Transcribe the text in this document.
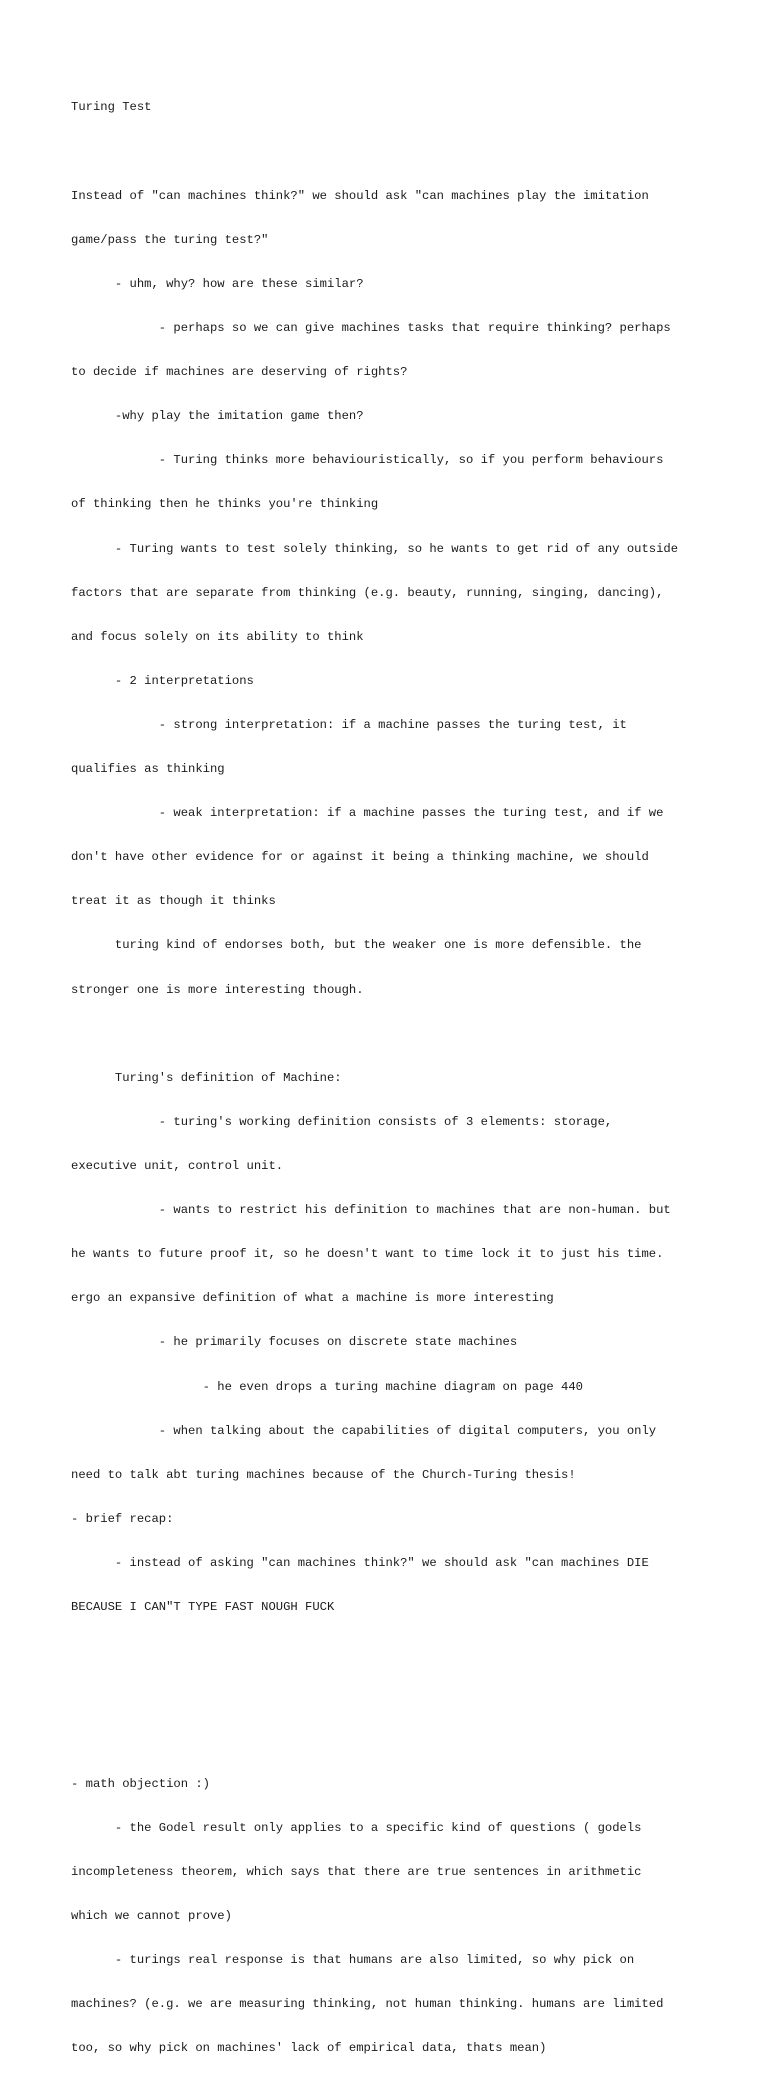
Turing Test

Instead of "can machines think?" we should ask "can machines play the imitation

game/pass the turing test?"

- uhm, why? how are these similar?

- perhaps so we can give machines tasks that require thinking? perhaps

to decide if machines are deserving of rights?

-why play the imitation game then?

- Turing thinks more behaviouristically, so if you perform behaviours

of thinking then he thinks you're thinking

- Turing wants to test solely thinking, so he wants to get rid of any outside

factors that are separate from thinking (e.g. beauty, running, singing, dancing),

and focus solely on its ability to think

- 2 interpretations

- strong interpretation: if a machine passes the turing test, it

qualifies as thinking

- weak interpretation: if a machine passes the turing test, and if we

don't have other evidence for or against it being a thinking machine, we should

treat it as though it thinks

turing kind of endorses both, but the weaker one is more defensible. the

stronger one is more interesting though.

Turing's definition of Machine:

- turing's working definition consists of 3 elements: storage,

executive unit, control unit.

- wants to restrict his definition to machines that are non-human. but

he wants to future proof it, so he doesn't want to time lock it to just his time.

ergo an expansive definition of what a machine is more interesting

- he primarily focuses on discrete state machines

- he even drops a turing machine diagram on page 440

- when talking about the capabilities of digital computers, you only

need to talk abt turing machines because of the Church-Turing thesis!

- brief recap:

- instead of asking "can machines think?" we should ask "can machines DIE

BECAUSE I CAN"T TYPE FAST NOUGH FUCK

- math objection :)

- the Godel result only applies to a specific kind of questions ( godels

incompleteness theorem, which says that there are true sentences in arithmetic

which we cannot prove)

- turings real response is that humans are also limited, so why pick on

machines? (e.g. we are measuring thinking, not human thinking. humans are limited

too, so why pick on machines' lack of empirical data, thats mean)
